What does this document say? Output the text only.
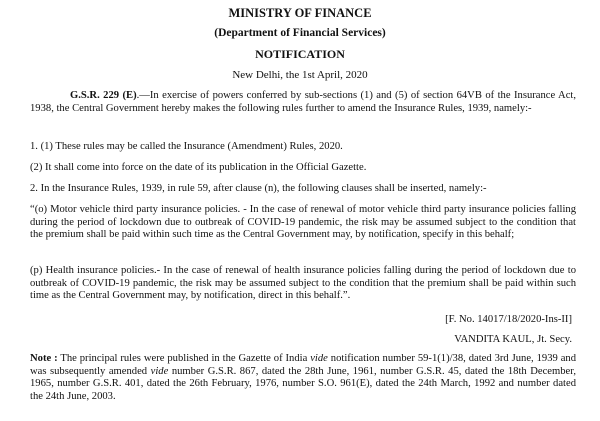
MINISTRY OF FINANCE
(Department of Financial Services)
NOTIFICATION
New Delhi, the 1st April, 2020
G.S.R. 229 (E).—In exercise of powers conferred by sub-sections (1) and (5) of section 64VB of the Insurance Act, 1938, the Central Government hereby makes the following rules further to amend the Insurance Rules, 1939, namely:-
1. (1) These rules may be called the Insurance (Amendment) Rules, 2020.
(2) It shall come into force on the date of its publication in the Official Gazette.
2. In the Insurance Rules, 1939, in rule 59, after clause (n), the following clauses shall be inserted, namely:-
“(o) Motor vehicle third party insurance policies. - In the case of renewal of motor vehicle third party insurance policies falling during the period of lockdown due to outbreak of COVID-19 pandemic, the risk may be assumed subject to the condition that the premium shall be paid within such time as the Central Government may, by notification, specify in this behalf;
(p) Health insurance policies.- In the case of renewal of health insurance policies falling during the period of lockdown due to outbreak of COVID-19 pandemic, the risk may be assumed subject to the condition that the premium shall be paid within such time as the Central Government may, by notification, direct in this behalf.”.
[F. No. 14017/18/2020-Ins-II]
VANDITA KAUL, Jt. Secy.
Note : The principal rules were published in the Gazette of India vide notification number 59-1(1)/38, dated 3rd June, 1939 and was subsequently amended vide number G.S.R. 867, dated the 28th June, 1961, number G.S.R. 45, dated the 18th December, 1965, number G.S.R. 401, dated the 26th February, 1976, number S.O. 961(E), dated the 24th March, 1992 and number dated the 24th June, 2003.
